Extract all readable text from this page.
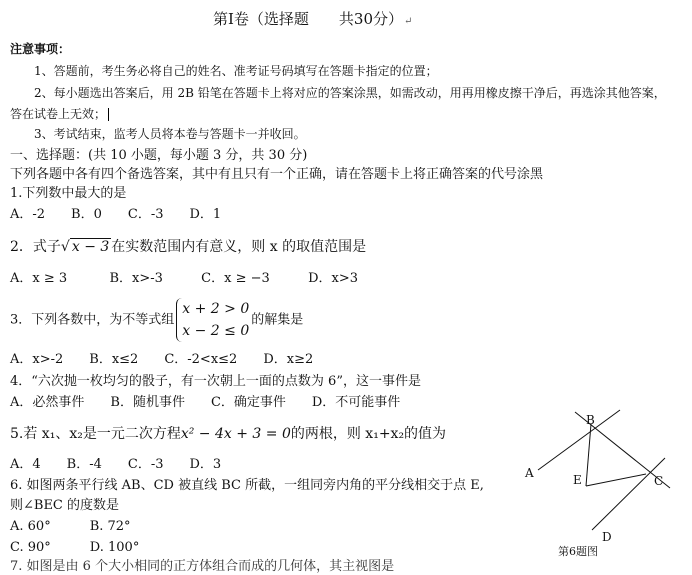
第Ⅰ卷（选择题　　共30分）↵
注意事项：
1、答题前，考生务必将自己的姓名、准考证号码填写在答题卡指定的位置；
2、每小题选出答案后，用 2B 铅笔在答题卡上将对应的答案涂黑，如需改动，用再用橡皮擦干净后，再选涂其他答案，
答在试卷上无效；
3、考试结束，监考人员将本卷与答题卡一并收回。
一、选择题：(共 10 小题，每小题 3 分，共 30 分)
下列各题中各有四个备选答案，其中有且只有一个正确，请在答题卡上将正确答案的代号涂黑
1.下列数中最大的是
A．-2　　B．0　　C．-3　　D．1
2．式子√ x − 3 在实数范围内有意义，则 x 的取值范围是
A．x ≥ 3	B．x>-3	C．x ≥ −3	D．x>3
3．下列各数中，为不等式组
x + 2 > 0
x − 2 ≤ 0
的解集是
A．x>-2　　B．x≤2　　C．-2<x≤2　　D．x≥2
4．“六次抛一枚均匀的骰子，有一次朝上一面的点数为 6”，这一事件是
A．必然事件　　B．随机事件　　C．确定事件　　D．不可能事件
5.若 x₁、x₂是一元二次方程x² − 4x + 3 = 0的两根，则 x₁+x₂的值为
A．4　　B．-4　　C．-3　　D．3
6. 如图两条平行线 AB、CD 被直线 BC 所截，一组同旁内角的平分线相交于点 E,
则∠BEC 的度数是
A. 60°　　　B. 72°
C. 90°　　　D. 100°
7. 如图是由 6 个大小相同的正方体组合而成的几何体，其主视图是
A
B
C
D
E
第6题图
